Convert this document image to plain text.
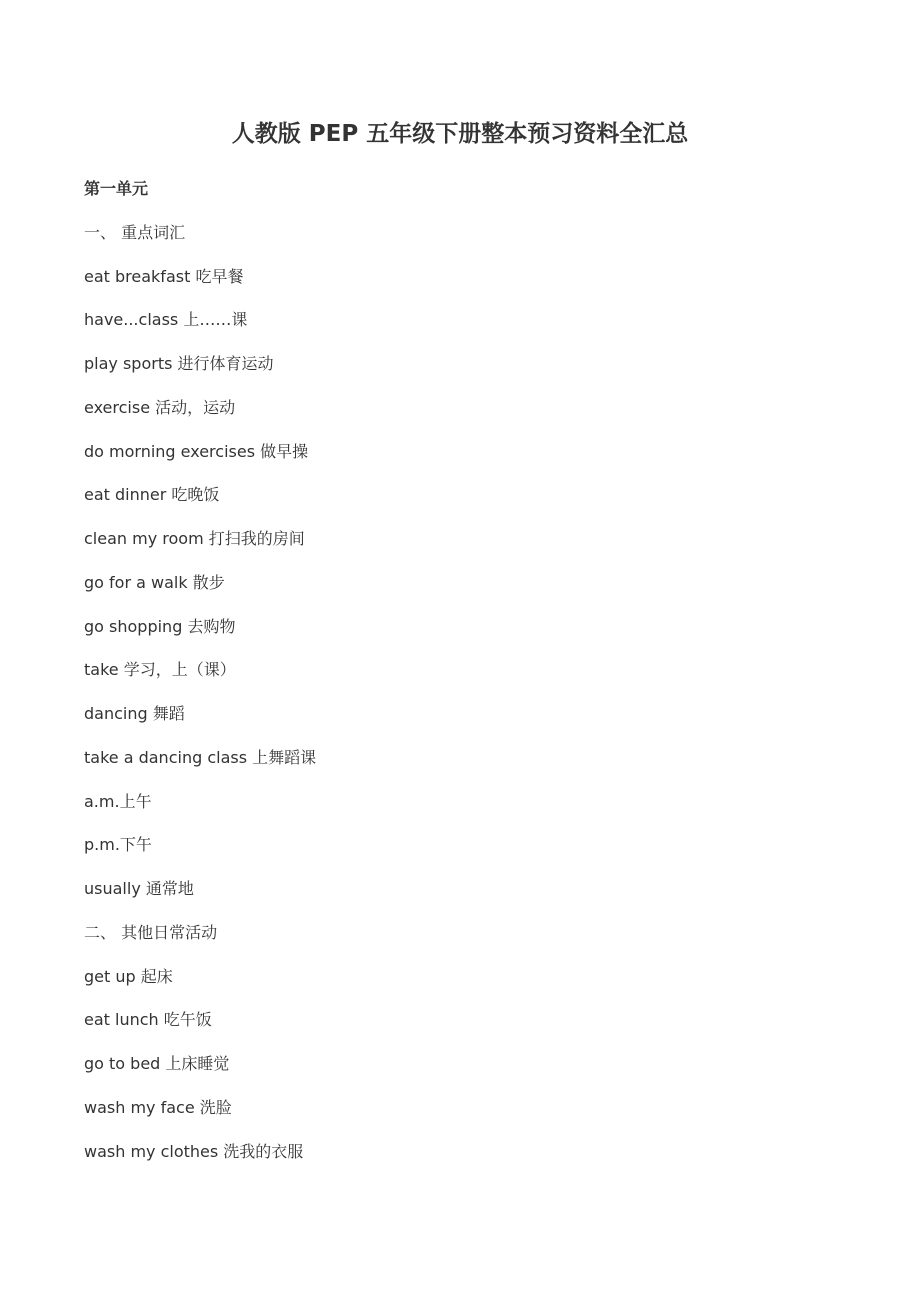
人教版 PEP 五年级下册整本预习资料全汇总
第一单元
一、 重点词汇
eat breakfast 吃早餐
have...class 上……课
play sports 进行体育运动
exercise 活动，运动
do morning exercises 做早操
eat dinner 吃晚饭
clean my room 打扫我的房间
go for a walk 散步
go shopping 去购物
take 学习，上（课）
dancing 舞蹈
take a dancing class 上舞蹈课
a.m.上午
p.m.下午
usually 通常地
二、 其他日常活动
get up 起床
eat lunch 吃午饭
go to bed 上床睡觉
wash my face 洗脸
wash my clothes 洗我的衣服
